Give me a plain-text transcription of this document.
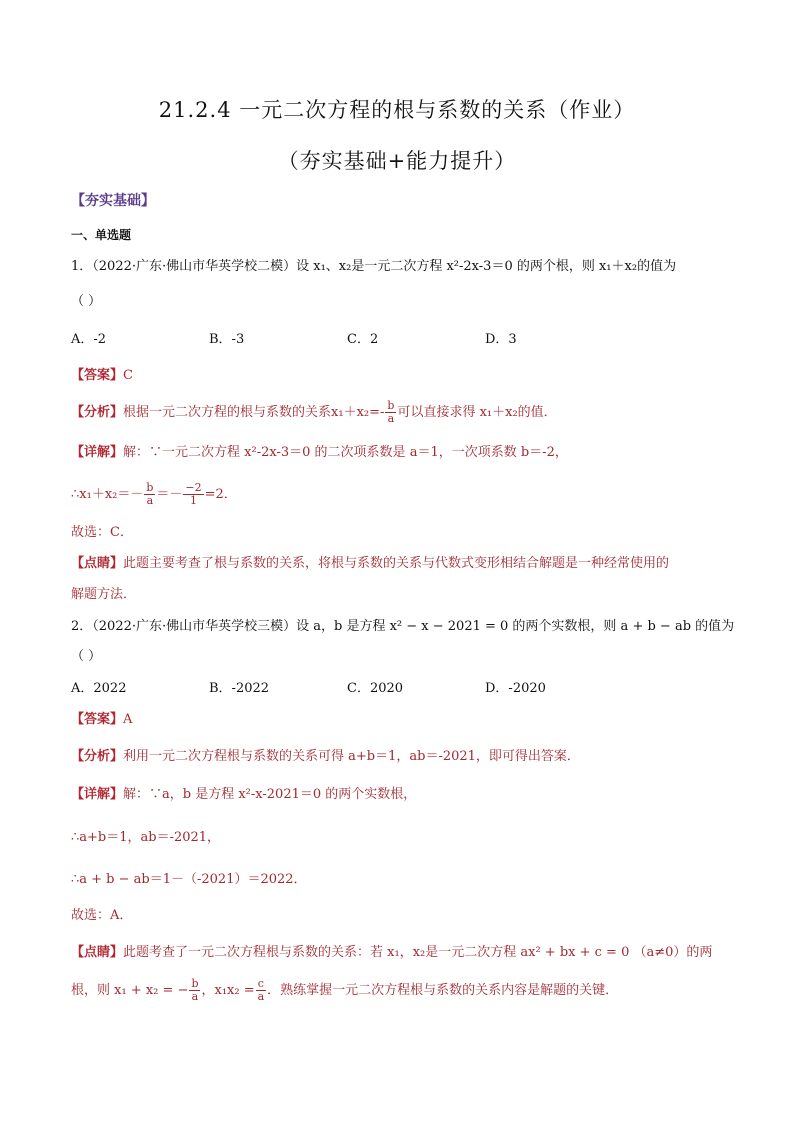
21.2.4 一元二次方程的根与系数的关系（作业）
（夯实基础+能力提升）
【夯实基础】
一、单选题
1．（2022·广东·佛山市华英学校二模）设 x₁、x₂是一元二次方程 x²-2x-3＝0 的两个根，则 x₁＋x₂的值为
（ ）
A．-2	B．-3	C．2	D．3
【答案】C
【分析】根据一元二次方程的根与系数的关系$x_1+x_2=- \frac{b}{a}$ 可以直接求得 x₁＋x₂的值．
【详解】解：∵一元二次方程 x²-2x-3＝0 的二次项系数是 a＝1，一次项系数 b＝-2，
∴x₁＋x₂＝－ $\frac{b}{a} =- \frac{-2}{1} =2$．
故选：C．
【点睛】此题主要考查了根与系数的关系，将根与系数的关系与代数式变形相结合解题是一种经常使用的
解题方法．
2．（2022·广东·佛山市华英学校三模）设 a，b 是方程 x² − x − 2021 = 0 的两个实数根，则 a + b − ab 的值为
（ ）
A．2022	B．-2022	C．2020	D．-2020
【答案】A
【分析】利用一元二次方程根与系数的关系可得 a+b＝1，ab＝-2021，即可得出答案．
【详解】解：∵a，b 是方程 x²-x-2021＝0 的两个实数根，
∴a+b＝1，ab＝-2021，
∴a + b − ab＝1－（-2021）＝2022．
故选：A．
【点睛】此题考查了一元二次方程根与系数的关系：若 x₁，x₂是一元二次方程 ax² + bx + c = 0 （a≠0）的两
根，则 x₁ + x₂ = − $\frac{b}{a}$ ，$x_1x_2 = \frac{c}{a}$ ．熟练掌握一元二次方程根与系数的关系内容是解题的关键．
